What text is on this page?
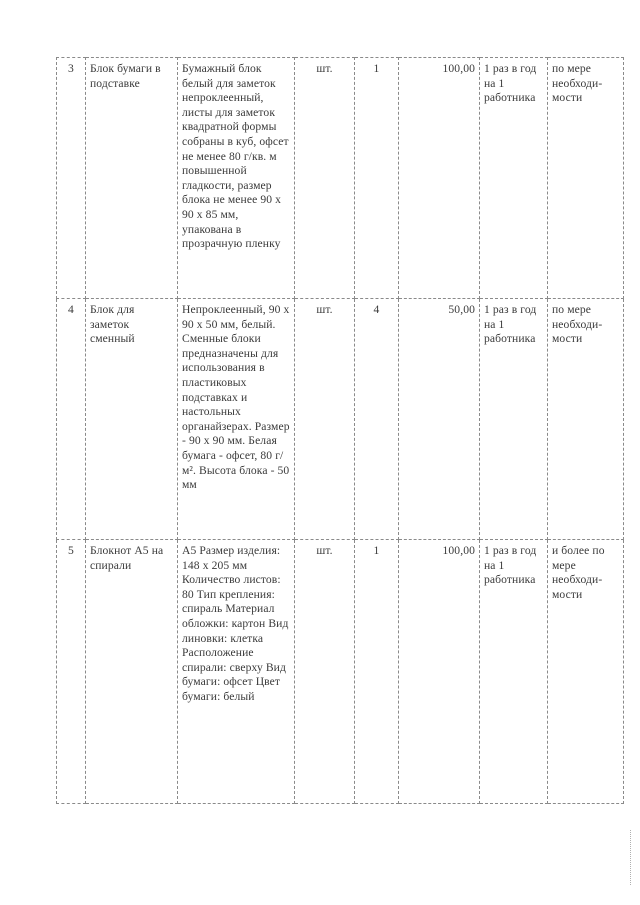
3	Блок бумаги в подставке	Бумажный блок белый для заметок непроклеенный, листы для заметок квадратной формы собраны в куб, офсет не менее 80 г/кв. м повышенной гладкости, размер блока не менее 90 х 90 х 85 мм, упакована в прозрачную пленку	шт.	1	100,00	1 раз в год на 1 работника	по мере необходи-мости
4	Блок для заметок сменный	Непроклеенный, 90 х 90 х 50 мм, белый. Сменные блоки предназначены для использования в пластиковых подставках и настольных органайзерах. Размер - 90 х 90 мм. Белая бумага - офсет, 80 г/м². Высота блока - 50 мм	шт.	4	50,00	1 раз в год на 1 работника	по мере необходи-мости
5	Блокнот А5 на спирали	А5 Размер изделия: 148 х 205 мм Количество листов: 80 Тип крепления: спираль Материал обложки: картон Вид линовки: клетка Расположение спирали: сверху Вид бумаги: офсет Цвет бумаги: белый	шт.	1	100,00	1 раз в год на 1 работника	и более по мере необходи-мости
